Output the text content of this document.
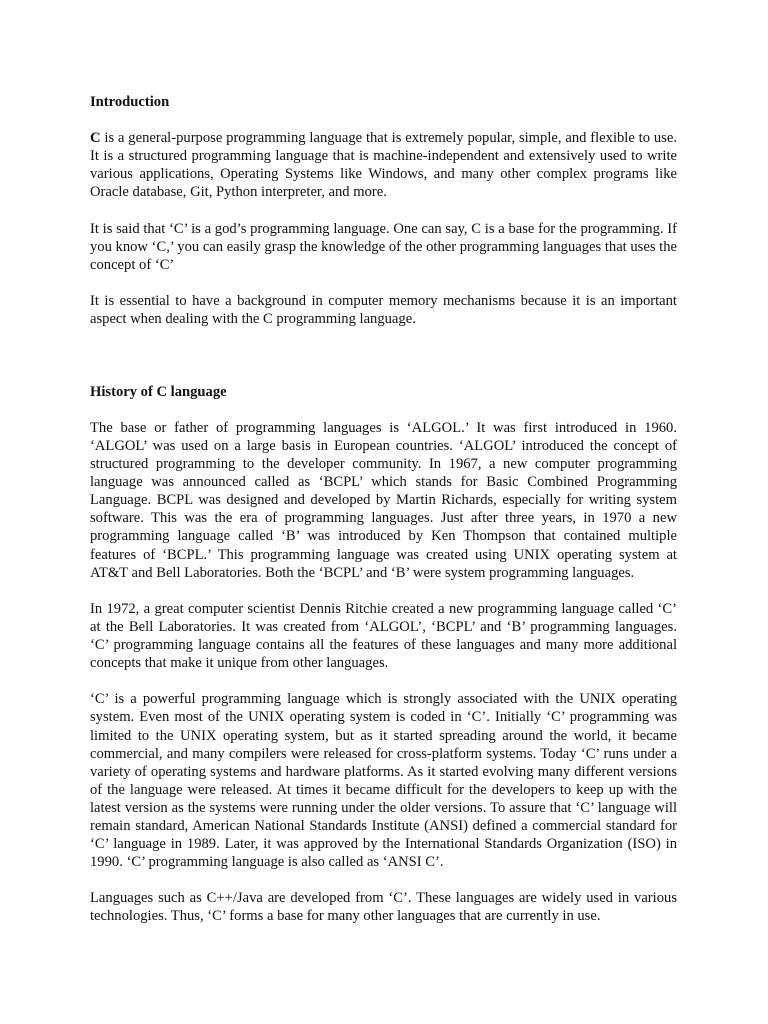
Introduction

C is a general-purpose programming language that is extremely popular, simple, and flexible to use. It is a structured programming language that is machine-independent and extensively used to write various applications, Operating Systems like Windows, and many other complex programs like Oracle database, Git, Python interpreter, and more.

It is said that ‘C’ is a god’s programming language. One can say, C is a base for the programming. If you know ‘C,’ you can easily grasp the knowledge of the other programming languages that uses the concept of ‘C’

It is essential to have a background in computer memory mechanisms because it is an important aspect when dealing with the C programming language.

History of C language

The base or father of programming languages is ‘ALGOL.’ It was first introduced in 1960. ‘ALGOL’ was used on a large basis in European countries. ‘ALGOL’ introduced the concept of structured programming to the developer community. In 1967, a new computer programming language was announced called as ‘BCPL’ which stands for Basic Combined Programming Language. BCPL was designed and developed by Martin Richards, especially for writing system software. This was the era of programming languages. Just after three years, in 1970 a new programming language called ‘B’ was introduced by Ken Thompson that contained multiple features of ‘BCPL.’ This programming language was created using UNIX operating system at AT&T and Bell Laboratories. Both the ‘BCPL’ and ‘B’ were system programming languages.

In 1972, a great computer scientist Dennis Ritchie created a new programming language called ‘C’ at the Bell Laboratories. It was created from ‘ALGOL’, ‘BCPL’ and ‘B’ programming languages. ‘C’ programming language contains all the features of these languages and many more additional concepts that make it unique from other languages.

‘C’ is a powerful programming language which is strongly associated with the UNIX operating system. Even most of the UNIX operating system is coded in ‘C’. Initially ‘C’ programming was limited to the UNIX operating system, but as it started spreading around the world, it became commercial, and many compilers were released for cross-platform systems. Today ‘C’ runs under a variety of operating systems and hardware platforms. As it started evolving many different versions of the language were released. At times it became difficult for the developers to keep up with the latest version as the systems were running under the older versions. To assure that ‘C’ language will remain standard, American National Standards Institute (ANSI) defined a commercial standard for ‘C’ language in 1989. Later, it was approved by the International Standards Organization (ISO) in 1990. ‘C’ programming language is also called as ‘ANSI C’.

Languages such as C++/Java are developed from ‘C’. These languages are widely used in various technologies. Thus, ‘C’ forms a base for many other languages that are currently in use.
